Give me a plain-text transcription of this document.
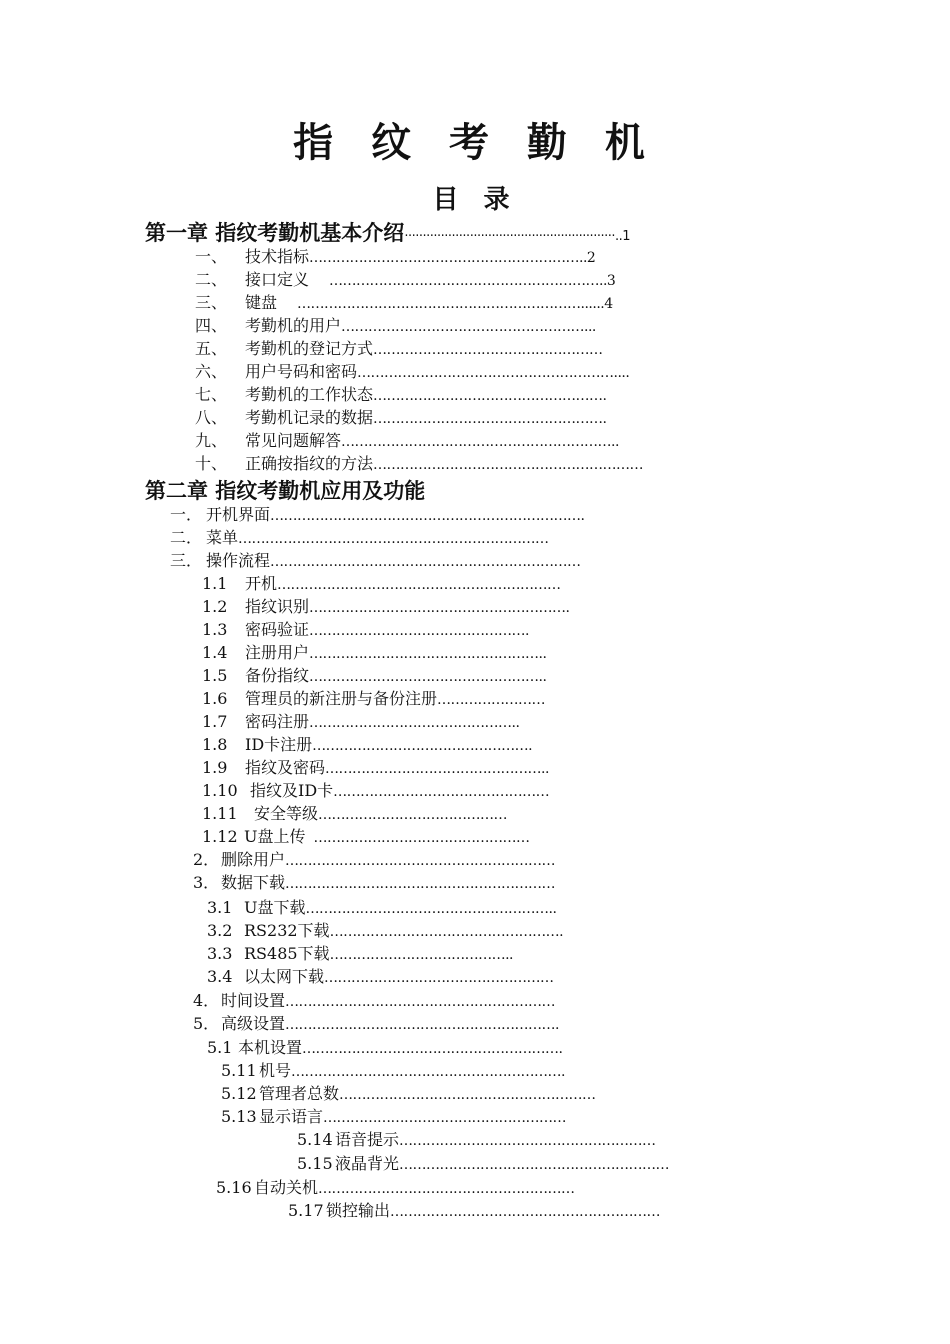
指 纹 考 勤 机
目 录
第一章 指纹考勤机基本介绍··························································..1
一、 技术指标……………………………………………………..2
二、 接口定义 ……………………………………………………..3
三、 键盘 ………………………………………………………......4
四、 考勤机的用户………………………………………………...
五、 考勤机的登记方式……………………………………………
六、 用户号码和密码…………………………………………………....
七、 考勤机的工作状态…………………………………………….
八、 考勤机记录的数据…………………………………………….
九、 常见问题解答……………………………………………………..
十、 正确按指纹的方法……………………………………………………
第二章 指纹考勤机应用及功能
一． 开机界面…………………………………………………………….
二． 菜单……………………………………………………………
三． 操作流程……………………………………………………………
1.1 开机………………………………………………………
1.2 指纹识别………………………………………………….
1.3 密码验证………………………………………….
1.4 注册用户……………………………………………..
1.5 备份指纹……………………………………………..
1.6 管理员的新注册与备份注册……………………
1.7 密码注册………………………………………..
1.8 ID卡注册………………………………………….
1.9 指纹及密码…………………………………………..
1.10 指纹及ID卡…………………………………………
1.11 安全等级……………………………………
1.12 U盘上传 …………………………………………
2． 删除用户……………………………………………………
3． 数据下载……………………………………………………
3.1 U盘下载………………………………………………..
3.2 RS232下载…………………………………………….
3.3 RS485下载…………………………………..
3.4 以太网下载……………………………………………
4． 时间设置……………………………………………………
5． 高级设置…………………………………………………….
5.1 本机设置………………………………………………….
5.11 机号…………………………………………………….
5.12 管理者总数…………………………………………………
5.13 显示语言………………………………………………
5.14 语音提示…………………………………………………
5.15 液晶背光……………………………………………………
5.16 自动关机…………………………………………………
5.17 锁控输出……………………………………………………
